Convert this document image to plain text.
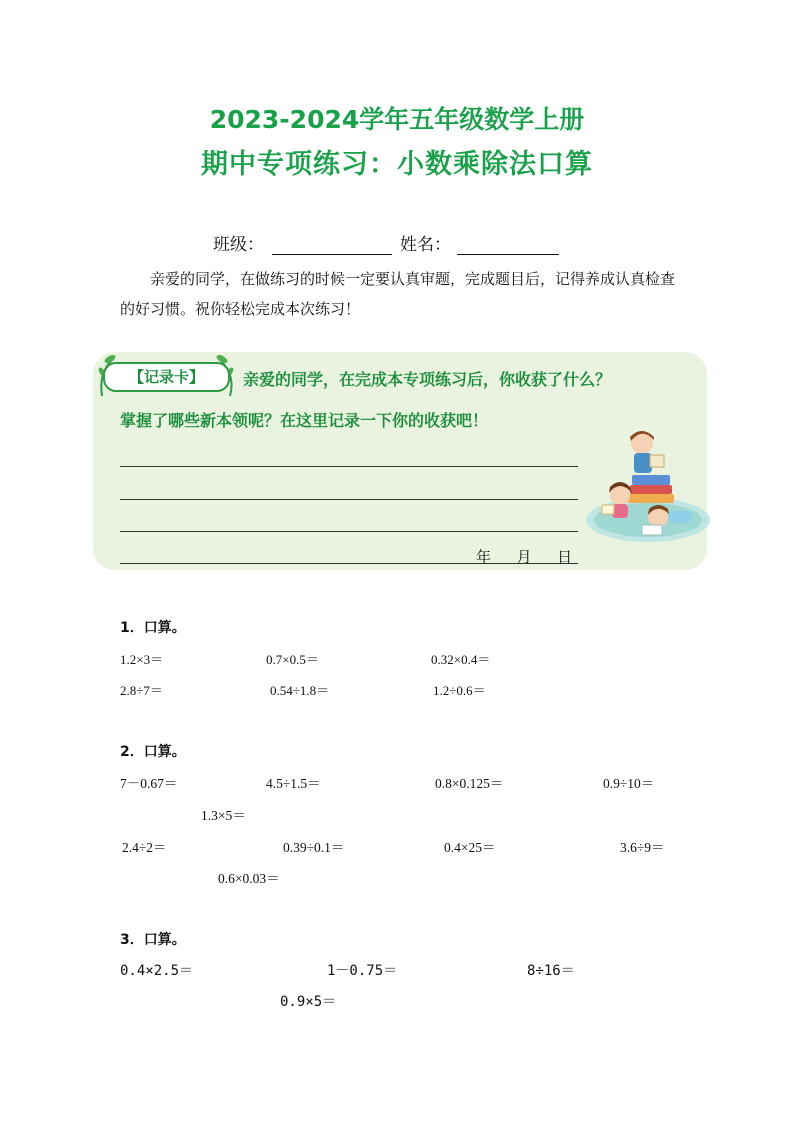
2023-2024学年五年级数学上册
期中专项练习：小数乘除法口算
班级：	姓名：
亲爱的同学，在做练习的时候一定要认真审题，完成题目后，记得养成认真检查的好习惯。祝你轻松完成本次练习！
【记录卡】	亲爱的同学，在完成本专项练习后，你收获了什么？
掌握了哪些新本领呢？在这里记录一下你的收获吧！
年 月 日
1．口算。
1.2×3＝	0.7×0.5＝	0.32×0.4＝
2.8÷7＝	0.54÷1.8＝	1.2÷0.6＝
2．口算。
7－0.67＝	4.5÷1.5＝	0.8×0.125＝	0.9÷10＝
1.3×5＝
2.4÷2＝	0.39÷0.1＝	0.4×25＝	3.6÷9＝
0.6×0.03＝
3．口算。
0.4×2.5＝	1－0.75＝	8÷16＝
0.9×5＝
